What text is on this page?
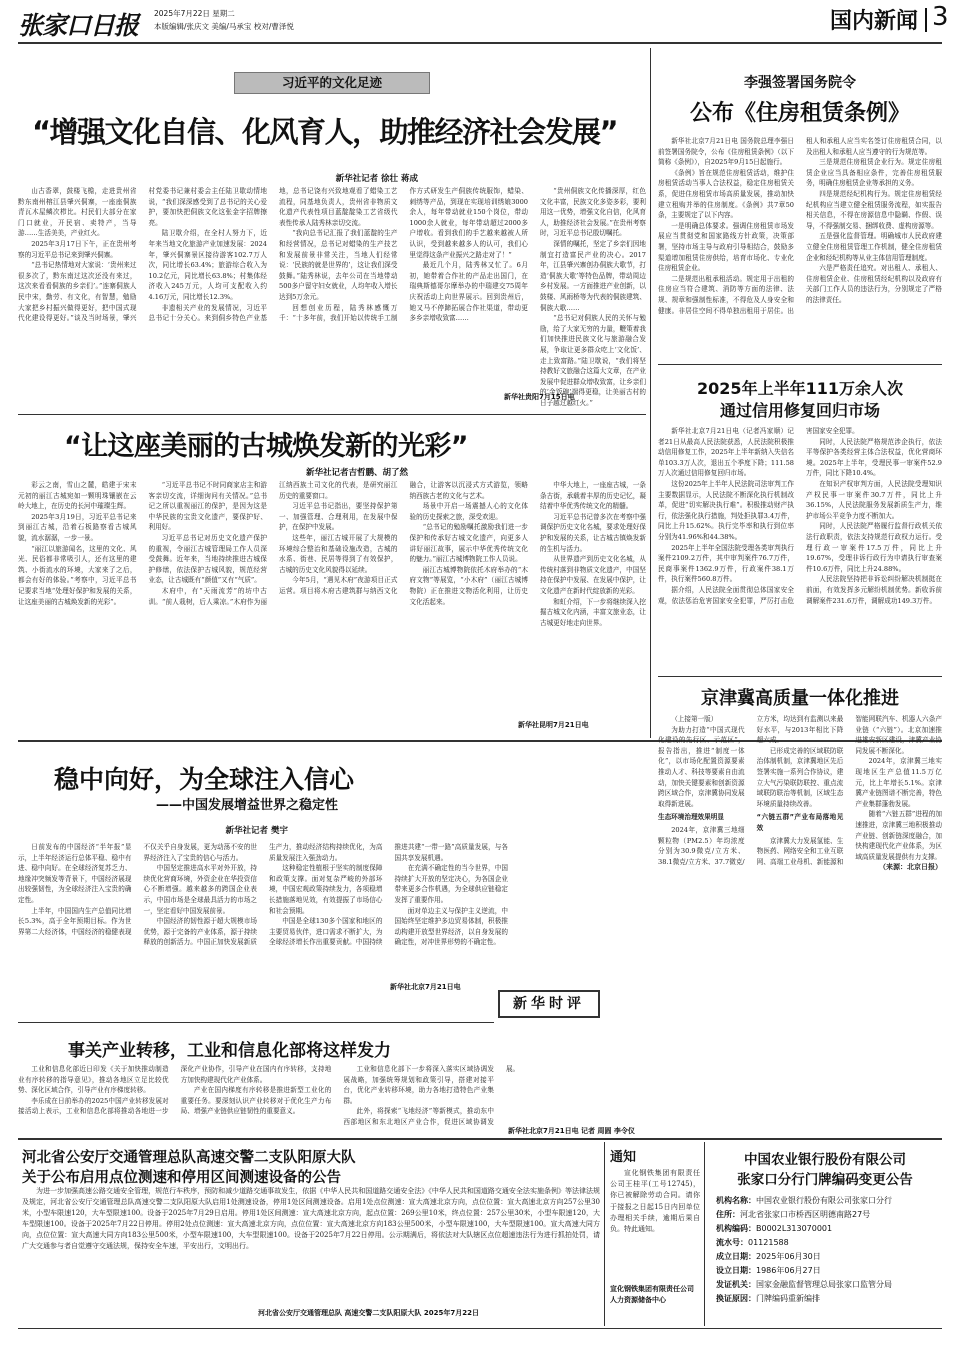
张家口日报 2025年7月22日 星期二
本版编辑/张庆文 美编/马承宝 校对/曹泽悦	国内新闻 3
习近平的文化足迹
“增强文化自信、化风育人，助推经济社会发展”
新华社记者 徐壮 蒋成

山古香翠，鼓楼飞檐，走进贵州省黔东南州榕江县肇兴侗寨，一座座侗族青瓦木屋鳞次栉比。村民们大部分在家门口就业，开民宿、卖特产，当导游……生活美美，产业红火。

2025年3月17日下午，正在贵州考察的习近平总书记来到肇兴侗寨。

“总书记热情地对大家说：‘贵州来过很多次了，黔东南过这次还没有来过，这次来看看侗族的乡亲们’。”连寨侗族人民中宋，勤劳、有文化，有智慧，勉励大家把乡村振兴做得更好，把中国式现代化建设得更好。”谈及当时场景，肇兴村党委书记兼村委会主任陆卫歇动情地说，“我们深深感受到了总书记的关心爱护，要加快把侗族文化这张金字招牌擦亮。

陆卫歇介绍，在全村人努力下，近年来当地文化旅游产业加速发展：2024年，肇兴侗寨景区接待游客102.7万人次，同比增长63.4%；旅游综合收入为10.2亿元，同比增长63.8%；村集体经济收入245万元，人均可支配收入约4.16万元，同比增长12.3%。

非遗相关产业的发展情况，习近平总书记十分关心。来到侗乡特色产业基地，总书记饶有兴致地观看了蜡染工艺流程，同基地负责人，贵州省非物质文化遗产代表性项目蓝靛靛染工艺省级代表性传承人陆秀林亲切交流。

“我向总书记汇报了我们蓝靛的生产和经营情况，总书记对蜡染的生产技艺和发展前景非常关注，当地人们经常说：‘民族的就是世界的’，这让我们深受鼓舞。”陆秀林说，去年公司在当地带动500多户留守妇女就业，人均年收入增长达到5万余元。

回想创业历程，陆秀林感慨万千：“十多年前，我们开始以传统手工制作方式研发生产侗族传统服饰，蜡染、刺绣等产品，到现在实现培训绣娘3000余人，每年带动就业150个岗位，带动1000余人就业，每年带动超过2000多户增收。看到我们的手艺越来越被人所认识，受到越来越多人的认可，我们心里觉得这条产业振兴之路走对了！”

最近几个月，陆秀林又忙了。6月初，她带着合作社的产品走出国门，在瑞典斯德哥尔摩举办的中瑞建交75周年庆祝活动上向世界展示。回到贵州后，她又马不停蹄拓展合作社渠道，带动更多乡亲增收致富……

“贵州侗族文化传播深厚，红色文化丰富，民族文化多姿多彩，要利用这一优势，增强文化自信，化风育人，助推经济社会发展。”在贵州考察时，习近平总书记殷切嘱托。

深情的嘱托，坚定了乡亲们因地制宜打造富民产业的决心。2017年，江县肇兴寨创办侗族大歌节，打造‘侗族大歌’等特色品牌，带动周边乡村发展。一方面推进产业创新，以鼓楼、风雨桥等为代表的侗族建筑、侗族大歌……

“总书记对侗族人民的关怀与勉励，给了大家无穷的力量，鞭策着我们加快推进民族文化与旅游融合发展，争取让更多群众吃上‘文化饭’、走上致富路。”陆卫歇说，“我们将坚持教好文旅融合这篇大文章，在产业发展中促进群众增收致富，让乡亲们的‘金饭碗’端得更稳，让美丽古村的日子越过越红火。”

新华社贵阳7月15日电
“让这座美丽的古城焕发新的光彩”
新华社记者吉哲鹏、胡了然

彩云之南，雪山之麓，皓建于宋末元初的丽江古城宛如一颗明珠镶嵌在云岭大地上，在历史的长河中璀璨生辉。

2025年3月19日，习近平总书记来到丽江古城，沿着石板路察看古城风貌，流水潺潺，一步一景。

“丽江以旅游闻名，这里的文化、风光、民俗都非常吸引人，还有这里的建筑、小街流水的环境，大家来了之后，都会有好的体验。”考察中，习近平总书记要求当地“处理好保护和发展的关系，让这座美丽的古城焕发新的光彩”。

“习近平总书记不时同商家店主和游客亲切交流，详细询问有关情况。”总书记之所以重视丽江的保护，是因为这是中华民族的宝贵文化遗产，要保护好、利用好。

习近平总书记对历史文化遗产保护的重视，令丽江古城管理局工作人员深受鼓舞。近年来，当地持续推进古城保护修缮，依法保护古城风貌，规范经营业态，让古城既有“颜值”又有“气质”。

木府中，有“天雨流芳”的坊中古训。“前人栽树，后人乘凉。”木府作为丽江纳西族土司文化的代表，是研究丽江历史的重要窗口。

习近平总书记指出，要坚持保护第一、加强管理、合理利用，在发展中保护，在保护中发展。

这些年，丽江古城开展了大规模的环境综合整治和基础设施改造，古城的水系、街巷、民居等得到了有效保护，古城的历史文化风貌得以延续。

今年5月，“遇见木府”夜游项目正式运营。项目将木府古建筑群与纳西文化融合，让游客以沉浸式方式游览，领略纳西族古老的文化与艺术。

场景中开启一场震撼人心的文化体验的历史探索之旅，深受欢迎。

“总书记的勉励嘱托激励我们进一步保护和传承好古城文化遗产，向更多人讲好丽江故事，展示中华优秀传统文化的魅力。”丽江古城博物院工作人员说。

丽江古城博物院依托木府举办的“木府文物”等展览，“小木府”（丽江古城博物院）正在推进文物活化利用，让历史文化活起来。

中华大地上，一座座古城，一条条古街，承载着丰厚的历史记忆，凝结着中华优秀传统文化的精髓。

习近平总书记曾多次在考察中强调保护历史文化名城，要求处理好保护和发展的关系，让古城古镇焕发新的生机与活力。

从世界遗产到历史文化名城，从传统村落到非物质文化遗产，中国坚持在保护中发展、在发展中保护，让文化遗产在新时代绽放新的光彩。

和虹介绍，下一步将继续深入挖掘古城文化内涵，丰富文旅业态，让古城更好地走向世界。

新华社昆明7月21日电
李强签署国务院令
公布《住房租赁条例》

新华社北京7月21日电 国务院总理李强日前签署国务院令，公布《住房租赁条例》（以下简称《条例》），自2025年9月15日起施行。

《条例》旨在规范住房租赁活动，维护住房租赁活动当事人合法权益，稳定住房租赁关系，促进住房租赁市场高质量发展，推动加快建立租购并举的住房制度。《条例》共7章50条，主要规定了以下内容。

一是明确总体要求。强调住房租赁市场发展应当贯彻党和国家路线方针政策，决策部署，坚持市场主导与政府引导相结合，鼓励多渠道增加租赁住房供给，培育市场化、专业化住房租赁企业。

二是规范出租承租活动。规定用于出租的住房应当符合建筑、消防等方面的法律、法规、规章和强制性标准，不得危及人身安全和健康。非居住空间不得单独出租用于居住。出租人和承租人应当实名签订住房租赁合同，以及出租人和承租人应当遵守的行为规范等。

三是规范住房租赁企业行为。规定住房租赁企业应当具备相应条件，完善住房租赁服务，明确住房租赁企业等承担的义务。

四是规范经纪机构行为。规定住房租赁经纪机构应当建立健全租赁服务流程，如实报告相关信息，不得在房源信息中隐瞒、作假、误导，不得强制交易、捆绑收费、虚构房源等。

五是强化监督管理。明确城市人民政府建立健全住房租赁管理工作机制，健全住房租赁企业和经纪机构等从业主体信用管理制度。

六是严格责任追究。对出租人、承租人、住房租赁企业、住房租赁经纪机构以及政府有关部门工作人员的违法行为，分别规定了严格的法律责任。

2025年上半年111万余人次
通过信用修复回归市场

新华社北京7月21日电（记者冯家顺）记者21日从最高人民法院获悉，人民法院积极推动信用修复工作，2025年上半年新纳入失信名单103.3万人次，退出五个季度下降；111.58万人次通过信用修复回归市场。

这份2025年上半年人民法院司法审判工作主要数据显示，人民法院不断深化执行机制改革，促进“切实解决执行难”。积极推动财产执行，依法强化执行措施，判处拒执罪3.4万件，同比上升15.62%。执行完毕率和执行到位率分别为41.96%和44.38%。

2025年上半年全国法院受理各类审判执行案件2109.2万件，其中审判案件76.7万件，民商事案件1362.9万件，行政案件38.1万件，执行案件560.8万件。

据介绍，人民法院全面贯彻总体国家安全观，依法惩治危害国家安全犯罪，严厉打击危害国家安全犯罪。

同时，人民法院严格规范涉企执行，依法平等保护各类经营主体合法权益，优化营商环境。2025年上半年，受理民事一审案件52.9万件，同比下降10.4%。

在知识产权审判方面，人民法院受理知识产权民事一审案件30.7万件，同比上升36.15%，人民法院服务发展新质生产力，维护市场公平竞争力度不断加大。

同时，人民法院严格履行监督行政机关依法行政职责，依法支持规范行政权力运行。受理行政一审案件17.5万件，同比上升19.67%，受理非诉行政行为申请执行审查案件10.6万件，同比上升24.88%。

人民法院坚持把非诉讼纠纷解决机制挺在前面，有效发挥多元解纷机制优势。新收诉前调解案件231.6万件，调解成功149.3万件。

京津冀高质量一体化推进
稳中向好，为全球注入信心
——中国发展增益世界之稳定性
新华社记者 樊宇

日前发布的中国经济“半年报”显示，上半年经济运行总体平稳、稳中有进、稳中向好。在全球经济复苏乏力、地缘冲突频发等背景下，中国经济展现出较强韧性，为全球经济注入宝贵的确定性。

上半年，中国国内生产总值同比增长5.3%，高于全年预期目标。作为世界第二大经济体，中国经济的稳健表现不仅关乎自身发展，更为动荡不安的世界经济注入了宝贵的信心与活力。

中国坚定推进高水平对外开放，持续优化营商环境，外资企业在华投资信心不断增强。越来越多的跨国企业表示，中国市场是全球最具活力的市场之一，坚定看好中国发展前景。

中国经济的韧性源于超大规模市场优势，源于完备的产业体系，源于持续释放的创新活力。中国正加快发展新质生产力，推动经济结构持续优化，为高质量发展注入强劲动力。

这种稳定性植根于坚实的制度保障和政策支撑。面对复杂严峻的外部环境，中国宏观政策持续发力，各项稳增长措施落地见效，有效提振了市场信心和社会预期。

中国是全球130多个国家和地区的主要贸易伙伴，进口需求不断扩大，为全球经济增长作出重要贡献。中国持续推进共建“一带一路”高质量发展，与各国共享发展机遇。

在充满不确定性的当今世界，中国持续扩大开放的坚定决心，为各国企业带来更多合作机遇，为全球供应链稳定发挥了重要作用。

面对单边主义与保护主义逆流，中国始终坚定维护多边贸易体制，积极推动构建开放型世界经济，以自身发展的确定性，对冲世界形势的不确定性。

新华社北京7月21日电
新华时评

（上接第一版）

为助力打造“中国式现代化建设的先行区、示范区”，报告指出，推进“制度一体化”，以市场化配置资源要素推动人才、科技等要素自由流动，加快关键要素和创新资源跨区域合作，京津冀协同发展取得新进展。

生态环境治理效果明显

2024年，京津冀三地细颗粒物（PM2.5）年均浓度分别为30.9微克/立方米、38.1微克/立方米、37.7微克/立方米，均达到有监测以来最好水平，与2013年相比下降超六成。

已形成完善的区域联防联治体制机制，京津冀地区先后签署实施一系列合作协议，建立大气污染联防联控、重点流域联防联治等机制，区域生态环境质量持续改善。

“六链五群”产业布局落地见效

京津冀大力发展氢能、生物医药、网络安全和工业互联网、高端工业母机、新能源和智能网联汽车、机器人六条产业链（“六链”）。北京加速推进雄安新区建设，津冀产业协同发展不断深化。

2024年，京津冀三地实现地区生产总值11.5万亿元，比上年增长5.1%。京津冀产业链图谱不断完善，特色产业集群蓬勃发展。

随着“六链五群”进程的加速推进，京津冀三地积极推动产业链、创新链深度融合，加快构建现代化产业体系，为区域高质量发展提供有力支撑。

（来源：北京日报）

事关产业转移，工业和信息化部将这样发力

工业和信息化部近日印发《关于加快推动制造业有序转移的指导意见》，推动各地区立足比较优势、深化区域合作，引导产业有序梯度转移。

李乐成在日前举办的2025中国产业转移发展对接活动上表示，工业和信息化部将推动各地进一步深化产业协作，引导产业在国内有序转移，支持地方加快构建现代化产业体系。

产业在国内梯度有序转移是推进新型工业化的重要任务。要深刻认识产业转移对于优化生产力布局、增强产业链供应链韧性的重要意义。

工业和信息化部下一步将深入落实区域协调发展战略，加强统筹规划和政策引导，搭建对接平台，优化产业转移环境，助力各地打造特色产业集群。

此外，将探索“飞地经济”等新模式，推动东中西部地区和东北地区产业合作，促进区域协调发展。

新华社北京7月21日电 记者 周圆 李令仪
河北省公安厅交通管理总队高速交警二支队阳原大队
关于公布启用点位测速和停用区间测速设备的公告

为进一步加强高速公路交通安全管理，规范行车秩序，预防和减少道路交通事故发生，依据《中华人民共和国道路交通安全法》《中华人民共和国道路交通安全法实施条例》等法律法规及规定，河北省公安厅交通管理总队高速交警二支队阳原大队启用1处测速设备，停用1处区间测速设备。启用1处点位测速：宣大高速北京方向，点位位置：宣大高速北京方向257公里30米，小型车限速120，大车型限速100。设备于2025年7月29日启用。停用1处区间测速：宣大高速北京方向，起点位置：269公里10米，终点位置：257公里30米，小型车限速120，大车型限速100。设备于2025年7月22日停用。停用2处点位测速：宣大高速北京方向，点位位置：宣大高速北京方向183公里500米，小型车限速100，大车型限速100。宣大高速大同方向，点位位置：宣大高速大同方向183公里500米，小型车限速100，大车型限速100。设备于2025年7月22日停用。公示期满后，将依法对大队辖区点位超速违法行为进行抓拍处罚，请广大交通参与者自觉遵守交通法规，保持安全车速，平安出行，文明出行。

河北省公安厅交通管理总队 高速交警二支队阳原大队 2025年7月22日
通知

宣化钢铁集团有限责任公司王桂平(工号12745)，你已被解除劳动合同。请你于接报之日起15日内回单位办理相关手续，逾期后果自负。特此通知。

宣化钢铁集团有限责任公司人力资源储备中心
中国农业银行股份有限公司
张家口分行门牌编码变更公告
机构名称：中国农业银行股份有限公司张家口分行
住所：河北省张家口市桥西区明德南路27号
机构编码：B0002L313070001
流水号：01121588
成立日期：2025年06月30日
设立日期：1986年06月27日
发证机关：国家金融监督管理总局张家口监管分局
换证原因：门牌编码重新编排
